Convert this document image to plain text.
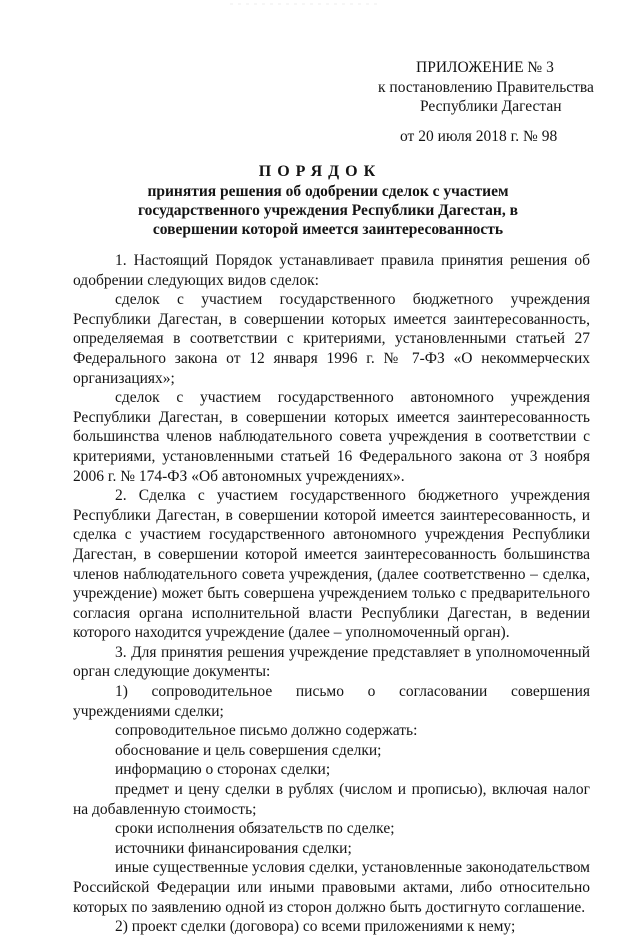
ПРИЛОЖЕНИЕ № 3
к постановлению Правительства
Республики Дагестан
от 20 июля 2018 г. № 98
ПОРЯДОК
принятия решения об одобрении сделок с участием государственного учреждения Республики Дагестан, в совершении которой имеется заинтересованность

1. Настоящий Порядок устанавливает правила принятия решения об одобрении следующих видов сделок:

сделок с участием государственного бюджетного учреждения Республики Дагестан, в совершении которых имеется заинтересованность, определяемая в соответствии с критериями, установленными статьей 27 Федерального закона от 12 января 1996 г. № 7-ФЗ «О некоммерческих организациях»;

сделок с участием государственного автономного учреждения Республики Дагестан, в совершении которых имеется заинтересованность большинства членов наблюдательного совета учреждения в соответствии с критериями, установленными статьей 16 Федерального закона от 3 ноября 2006 г. № 174-ФЗ «Об автономных учреждениях».

2. Сделка с участием государственного бюджетного учреждения Республики Дагестан, в совершении которой имеется заинтересованность, и сделка с участием государственного автономного учреждения Республики Дагестан, в совершении которой имеется заинтересованность большинства членов наблюдательного совета учреждения, (далее соответственно – сделка, учреждение) может быть совершена учреждением только с предварительного согласия органа исполнительной власти Республики Дагестан, в ведении которого находится учреждение (далее – уполномоченный орган).

3. Для принятия решения учреждение представляет в уполномоченный орган следующие документы:

1) сопроводительное письмо о согласовании совершения учреждениями сделки;

сопроводительное письмо должно содержать:

обоснование и цель совершения сделки;

информацию о сторонах сделки;

предмет и цену сделки в рублях (числом и прописью), включая налог на добавленную стоимость;

сроки исполнения обязательств по сделке;

источники финансирования сделки;

иные существенные условия сделки, установленные законодательством Российской Федерации или иными правовыми актами, либо относительно которых по заявлению одной из сторон должно быть достигнуто соглашение.

2) проект сделки (договора) со всеми приложениями к нему;
